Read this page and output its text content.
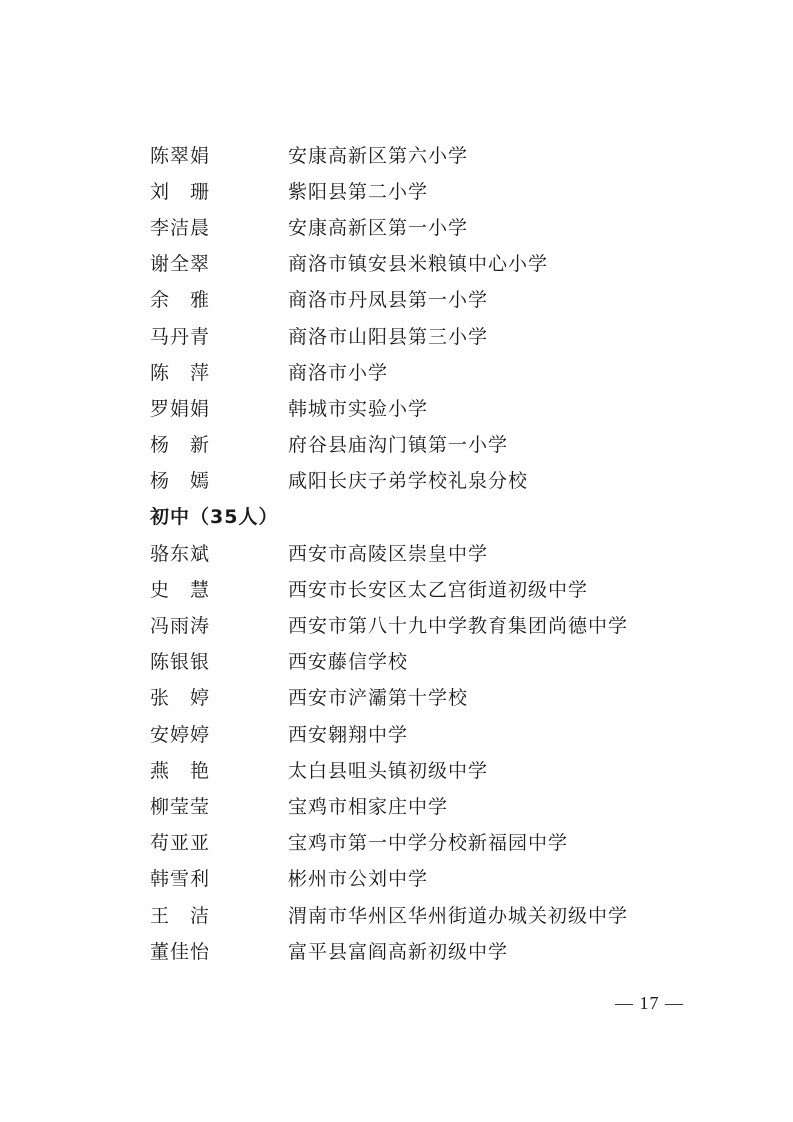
陈翠娟	安康高新区第六小学
刘　珊	紫阳县第二小学
李洁晨	安康高新区第一小学
谢全翠	商洛市镇安县米粮镇中心小学
余　雅	商洛市丹凤县第一小学
马丹青	商洛市山阳县第三小学
陈　萍	商洛市小学
罗娟娟	韩城市实验小学
杨　新	府谷县庙沟门镇第一小学
杨　嫣	咸阳长庆子弟学校礼泉分校
初中（35人）
骆东斌	西安市高陵区崇皇中学
史　慧	西安市长安区太乙宫街道初级中学
冯雨涛	西安市第八十九中学教育集团尚德中学
陈银银	西安藤信学校
张　婷	西安市浐灞第十学校
安婷婷	西安翱翔中学
燕　艳	太白县咀头镇初级中学
柳莹莹	宝鸡市相家庄中学
苟亚亚	宝鸡市第一中学分校新福园中学
韩雪利	彬州市公刘中学
王　洁	渭南市华州区华州街道办城关初级中学
董佳怡	富平县富阎高新初级中学
— 17 —
